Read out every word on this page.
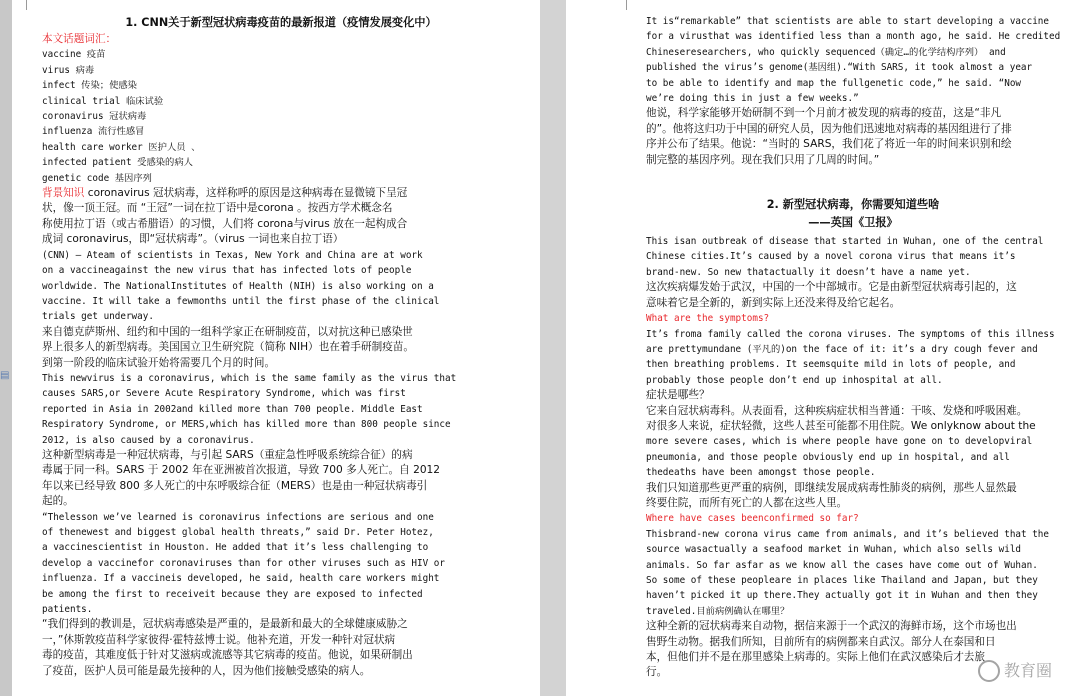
1. CNN关于新型冠状病毒疫苗的最新报道（疫情发展变化中）
本文话题词汇：
vaccine 疫苗
virus 病毒
infect 传染；使感染
clinical trial 临床试验
coronavirus 冠状病毒
influenza 流行性感冒
health care worker 医护人员 、
infected patient 受感染的病人
genetic code 基因序列
背景知识 coronavirus 冠状病毒，这样称呼的原因是这种病毒在显微镜下呈冠
状，像一顶王冠。而 “王冠”一词在拉丁语中是corona 。按西方学术概念名
称使用拉丁语（或古希腊语）的习惯，人们将 corona与virus 放在一起构成合
成词 coronavirus，即“冠状病毒”。（virus 一词也来自拉丁语）
(CNN) — Ateam of scientists in Texas, New York and China are at work
on a vaccineagainst the new virus that has infected lots of people
worldwide. The NationalInstitutes of Health (NIH) is also working on a
vaccine. It will take a fewmonths until the first phase of the clinical
trials get underway.
来自德克萨斯州、纽约和中国的一组科学家正在研制疫苗，以对抗这种已感染世
界上很多人的新型病毒。美国国立卫生研究院（简称 NIH）也在着手研制疫苗。
到第一阶段的临床试验开始将需要几个月的时间。
This newvirus is a coronavirus, which is the same family as the virus that
causes SARS,or Severe Acute Respiratory Syndrome, which was first
reported in Asia in 2002and killed more than 700 people. Middle East
Respiratory Syndrome, or MERS,which has killed more than 800 people since
2012, is also caused by a coronavirus.
这种新型病毒是一种冠状病毒，与引起 SARS（重症急性呼吸系统综合征）的病
毒属于同一科。SARS 于 2002 年在亚洲被首次报道，导致 700 多人死亡。自 2012
年以来已经导致 800 多人死亡的中东呼吸综合征（MERS）也是由一种冠状病毒引
起的。
“Thelesson we’ve learned is coronavirus infections are serious and one
of thenewest and biggest global health threats,” said Dr. Peter Hotez,
a vaccinescientist in Houston. He added that it’s less challenging to
develop a vaccinefor coronaviruses than for other viruses such as HIV or
influenza. If a vaccineis developed, he said, health care workers might
be among the first to receiveit because they are exposed to infected
patients.
“我们得到的教训是，冠状病毒感染是严重的，是最新和最大的全球健康威胁之
一，”休斯敦疫苗科学家彼得·霍特兹博士说。他补充道，开发一种针对冠状病
毒的疫苗，其难度低于针对艾滋病或流感等其它病毒的疫苗。他说，如果研制出
了疫苗，医护人员可能是最先接种的人，因为他们接触受感染的病人。
It is“remarkable” that scientists are able to start developing a vaccine
for a virusthat was identified less than a month ago, he said. He credited
Chineseresearchers, who quickly sequenced（确定…的化学结构序列） and
published the virus’s genome(基因组).“With SARS, it took almost a year
to be able to identify and map the fullgenetic code,” he said. “Now
we’re doing this in just a few weeks.”
他说，科学家能够开始研制不到一个月前才被发现的病毒的疫苗，这是“非凡
的”。他将这归功于中国的研究人员，因为他们迅速地对病毒的基因组进行了排
序并公布了结果。他说：“当时的 SARS，我们花了将近一年的时间来识别和绘
制完整的基因序列。现在我们只用了几周的时间。”
2. 新型冠状病毒，你需要知道些啥
——英国《卫报》
This isan outbreak of disease that started in Wuhan, one of the central
Chinese cities.It’s caused by a novel corona virus that means it’s
brand-new. So new thatactually it doesn’t have a name yet.
这次疾病爆发始于武汉，中国的一个中部城市。它是由新型冠状病毒引起的，这
意味着它是全新的，新到实际上还没来得及给它起名。
What are the symptoms?
It’s froma family called the corona viruses. The symptoms of this illness
are prettymundane (平凡的)on the face of it: it’s a dry cough fever and
then breathing problems. It seemsquite mild in lots of people, and
probably those people don’t end up inhospital at all.
症状是哪些？
它来自冠状病毒科。从表面看，这种疾病症状相当普通：干咳、发烧和呼吸困难。
对很多人来说，症状轻微，这些人甚至可能都不用住院。We onlyknow about the
more severe cases, which is where people have gone on to developviral
pneumonia, and those people obviously end up in hospital, and all
thedeaths have been amongst those people.
我们只知道那些更严重的病例，即继续发展成病毒性肺炎的病例，那些人显然最
终要住院，而所有死亡的人都在这些人里。
Where have cases beenconfirmed so far?
Thisbrand-new corona virus came from animals, and it’s believed that the
source wasactually a seafood market in Wuhan, which also sells wild
animals. So far asfar as we know all the cases have come out of Wuhan.
So some of these peopleare in places like Thailand and Japan, but they
haven’t picked it up there.They actually got it in Wuhan and then they
traveled.目前病例确认在哪里？
这种全新的冠状病毒来自动物，据信来源于一个武汉的海鲜市场，这个市场也出
售野生动物。据我们所知，目前所有的病例都来自武汉。部分人在泰国和日
本，但他们并不是在那里感染上病毒的。实际上他们在武汉感染后才去旅
行。	教育圈
▤
